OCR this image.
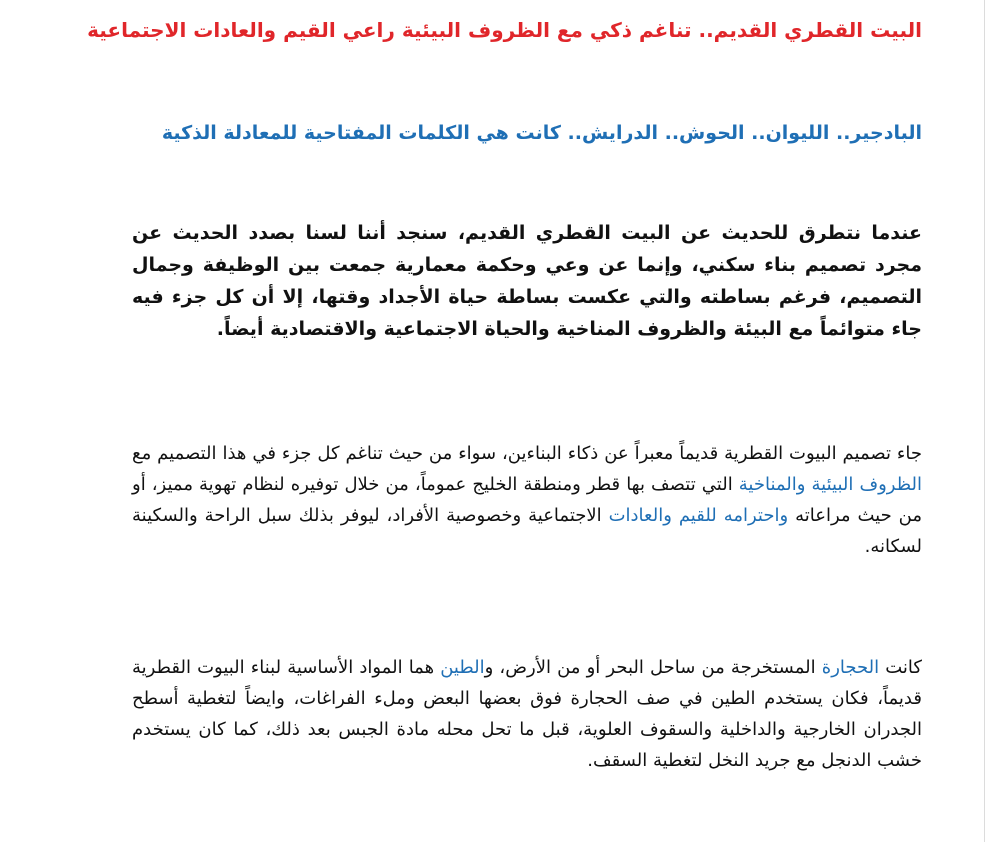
البيت القطري القديم.. تناغم ذكي مع الظروف البيئية راعي القيم والعادات الاجتماعية
البادجير.. الليوان.. الحوش.. الدرايش.. كانت هي الكلمات المفتاحية للمعادلة الذكية

عندما نتطرق للحديث عن البيت القطري القديم، سنجد أننا لسنا بصدد الحديث عن مجرد تصميم بناء سكني، وإنما عن وعي وحكمة معمارية جمعت بين الوظيفة وجمال التصميم، فرغم بساطته والتي عكست بساطة حياة الأجداد وقتها، إلا أن كل جزء فيه جاء متوائماً مع البيئة والظروف المناخية والحياة الاجتماعية والاقتصادية أيضاً.

جاء تصميم البيوت القطرية قديماً معبراً عن ذكاء البناءين، سواء من حيث تناغم كل جزء في هذا التصميم مع الظروف البيئية والمناخية التي تتصف بها قطر ومنطقة الخليج عموماً، من خلال توفيره لنظام تهوية مميز، أو من حيث مراعاته واحترامه للقيم والعادات الاجتماعية وخصوصية الأفراد، ليوفر بذلك سبل الراحة والسكينة لسكانه.

كانت الحجارة المستخرجة من ساحل البحر أو من الأرض، والطين هما المواد الأساسية لبناء البيوت القطرية قديماً، فكان يستخدم الطين في صف الحجارة فوق بعضها البعض وملء الفراغات، وايضاً لتغطية أسطح الجدران الخارجية والداخلية والسقوف العلوية، قبل ما تحل محله مادة الجبس بعد ذلك، كما كان يستخدم خشب الدنجل مع جريد النخل لتغطية السقف.
